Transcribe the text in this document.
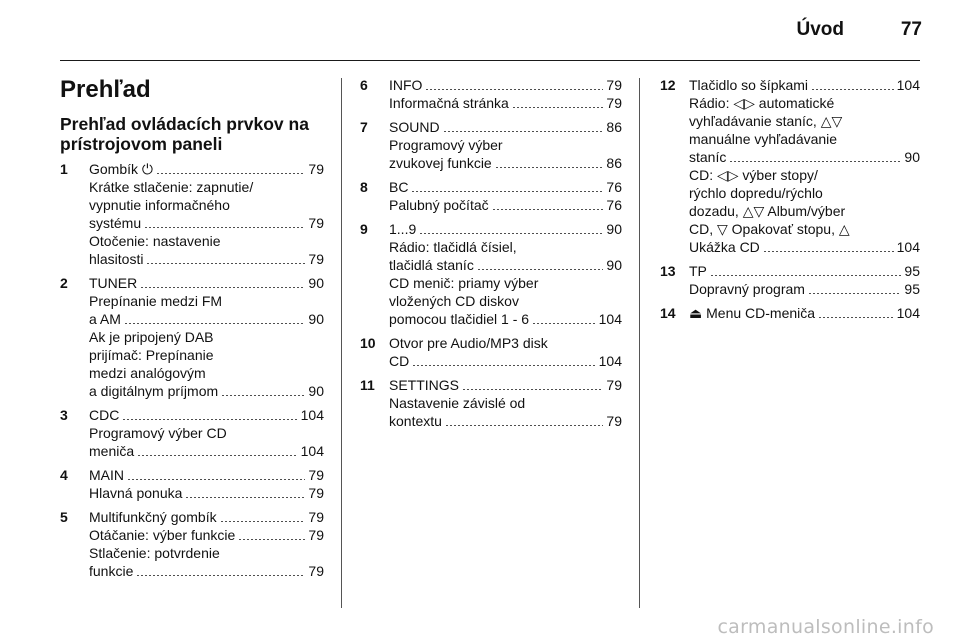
Úvod	77
Prehľad
Prehľad ovládacích prvkov na
prístrojovom paneli
1	Gombík ⏻	79
Krátke stlačenie: zapnutie/
vypnutie informačného
systému	79
Otočenie: nastavenie
hlasitosti	79
2	TUNER	90
Prepínanie medzi FM
a AM	90
Ak je pripojený DAB
prijímač: Prepínanie
medzi analógovým
a digitálnym príjmom	90
3	CDC	104
Programový výber CD
meniča	104
4	MAIN	79
Hlavná ponuka	79
5	Multifunkčný gombík	79
Otáčanie: výber funkcie	79
Stlačenie: potvrdenie
funkcie	79
6	INFO	79
Informačná stránka	79
7	SOUND	86
Programový výber
zvukovej funkcie	86
8	BC	76
Palubný počítač	76
9	1...9	90
Rádio: tlačidlá čísiel,
tlačidlá staníc	90
CD menič: priamy výber
vložených CD diskov
pomocou tlačidiel 1 - 6	104
10 Otvor pre Audio/MP3 disk
CD	104
11	SETTINGS	79
Nastavenie závislé od
kontextu	79
12 Tlačidlo so šípkami	104
Rádio: ◁▷ automatické
vyhľadávanie staníc, △▽
manuálne vyhľadávanie
staníc	90
CD: ◁▷ výber stopy/
rýchlo dopredu/rýchlo
dozadu, △▽ Album/výber
CD, ▽ Opakovať stopu, △
Ukážka CD	104
13 TP	95
Dopravný program	95
14 ⏏ Menu CD-meniča	104
carmanualsonline.info
